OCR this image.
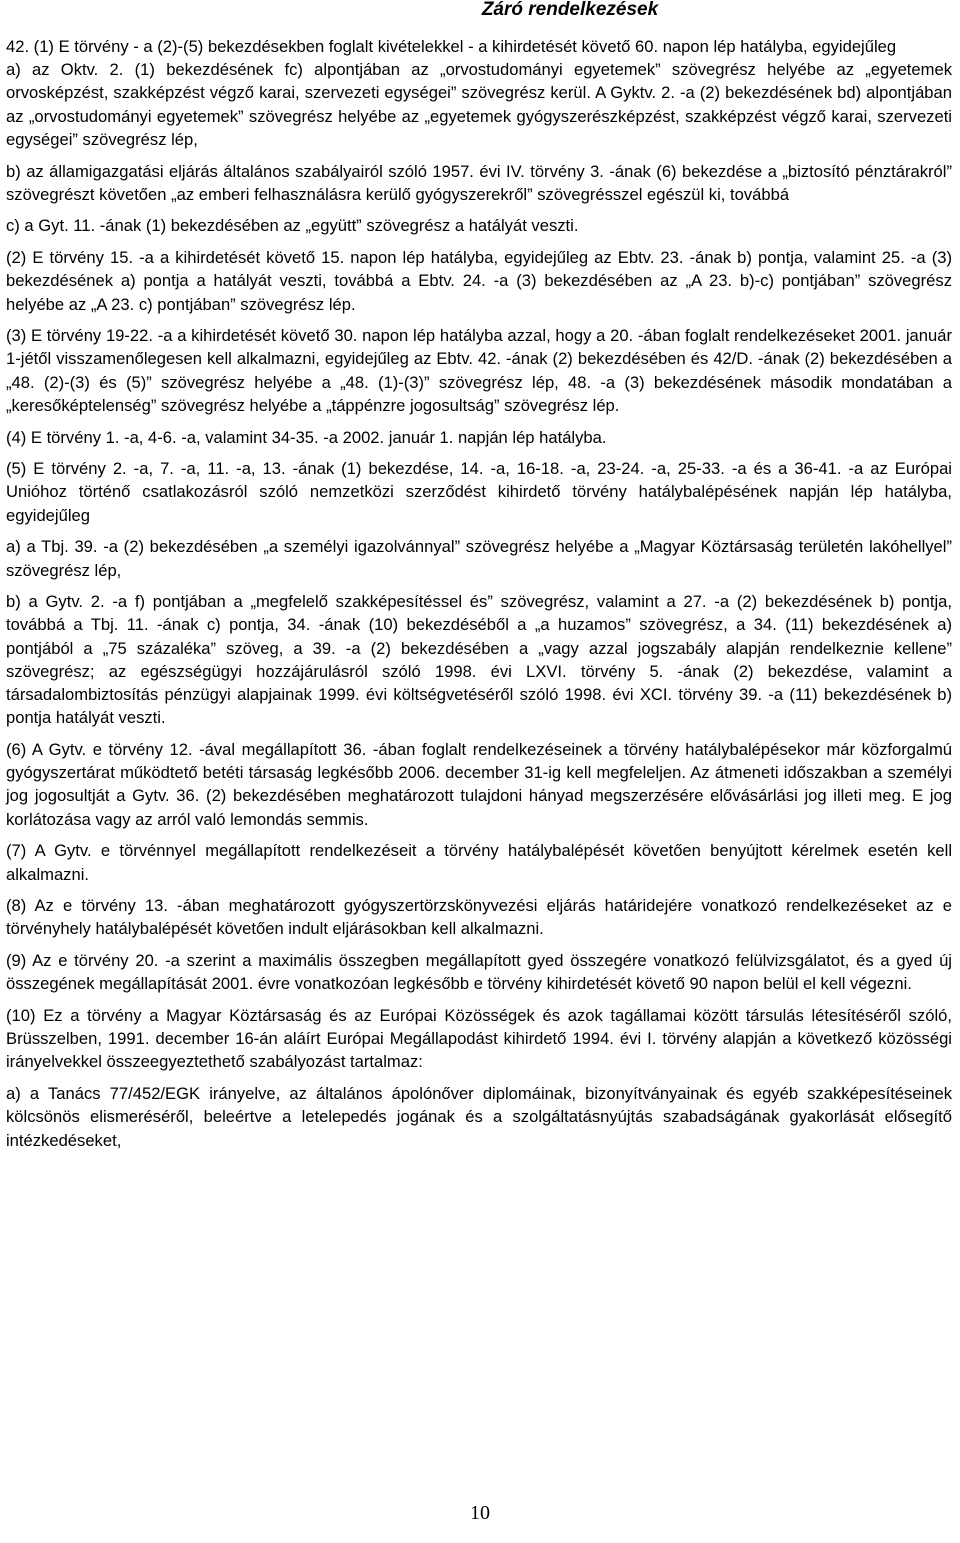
Záró rendelkezések

42. (1) E törvény - a (2)-(5) bekezdésekben foglalt kivételekkel - a kihirdetését követő 60. napon lép hatályba, egyidejűleg

a) az Oktv. 2. (1) bekezdésének fc) alpontjában az „orvostudományi egyetemek” szövegrész helyébe az „egyetemek orvosképzést, szakképzést végző karai, szervezeti egységei” szövegrész kerül. A Gyktv. 2. -a (2) bekezdésének bd) alpontjában az „orvostudományi egyetemek” szövegrész helyébe az „egyetemek gyógyszerészképzést, szakképzést végző karai, szervezeti egységei” szövegrész lép,

b) az államigazgatási eljárás általános szabályairól szóló 1957. évi IV. törvény 3. -ának (6) bekezdése a „biztosító pénztárakról” szövegrészt követően „az emberi felhasználásra kerülő gyógyszerekről” szövegrésszel egészül ki, továbbá

c) a Gyt. 11. -ának (1) bekezdésében az „együtt” szövegrész a hatályát veszti.

(2) E törvény 15. -a a kihirdetését követő 15. napon lép hatályba, egyidejűleg az Ebtv. 23. -ának b) pontja, valamint 25. -a (3) bekezdésének a) pontja a hatályát veszti, továbbá a Ebtv. 24. -a (3) bekezdésében az „A 23. b)-c) pontjában” szövegrész helyébe az „A 23. c) pontjában” szövegrész lép.

(3) E törvény 19-22. -a a kihirdetését követő 30. napon lép hatályba azzal, hogy a 20. -ában foglalt rendelkezéseket 2001. január 1-jétől visszamenőlegesen kell alkalmazni, egyidejűleg az Ebtv. 42. -ának (2) bekezdésében és 42/D. -ának (2) bekezdésében a „48. (2)-(3) és (5)” szövegrész helyébe a „48. (1)-(3)” szövegrész lép, 48. -a (3) bekezdésének második mondatában a „keresőképtelenség” szövegrész helyébe a „táppénzre jogosultság” szövegrész lép.

(4) E törvény 1. -a, 4-6. -a, valamint 34-35. -a 2002. január 1. napján lép hatályba.

(5) E törvény 2. -a, 7. -a, 11. -a, 13. -ának (1) bekezdése, 14. -a, 16-18. -a, 23-24. -a, 25-33. -a és a 36-41. -a az Európai Unióhoz történő csatlakozásról szóló nemzetközi szerződést kihirdető törvény hatálybalépésének napján lép hatályba, egyidejűleg

a) a Tbj. 39. -a (2) bekezdésében „a személyi igazolvánnyal” szövegrész helyébe a „Magyar Köztársaság területén lakóhellyel” szövegrész lép,

b) a Gytv. 2. -a f) pontjában a „megfelelő szakképesítéssel és” szövegrész, valamint a 27. -a (2) bekezdésének b) pontja, továbbá a Tbj. 11. -ának c) pontja, 34. -ának (10) bekezdéséből a „a huzamos” szövegrész, a 34. (11) bekezdésének a) pontjából a „75 százaléka” szöveg, a 39. -a (2) bekezdésében a „vagy azzal jogszabály alapján rendelkeznie kellene” szövegrész; az egészségügyi hozzájárulásról szóló 1998. évi LXVI. törvény 5. -ának (2) bekezdése, valamint a társadalombiztosítás pénzügyi alapjainak 1999. évi költségvetéséről szóló 1998. évi XCI. törvény 39. -a (11) bekezdésének b) pontja hatályát veszti.

(6) A Gytv. e törvény 12. -ával megállapított 36. -ában foglalt rendelkezéseinek a törvény hatálybalépésekor már közforgalmú gyógyszertárat működtető betéti társaság legkésőbb 2006. december 31-ig kell megfeleljen. Az átmeneti időszakban a személyi jog jogosultját a Gytv. 36. (2) bekezdésében meghatározott tulajdoni hányad megszerzésére elővásárlási jog illeti meg. E jog korlátozása vagy az arról való lemondás semmis.

(7) A Gytv. e törvénnyel megállapított rendelkezéseit a törvény hatálybalépését követően benyújtott kérelmek esetén kell alkalmazni.

(8) Az e törvény 13. -ában meghatározott gyógyszertörzskönyvezési eljárás határidejére vonatkozó rendelkezéseket az e törvényhely hatálybalépését követően indult eljárásokban kell alkalmazni.

(9) Az e törvény 20. -a szerint a maximális összegben megállapított gyed összegére vonatkozó felülvizsgálatot, és a gyed új összegének megállapítását 2001. évre vonatkozóan legkésőbb e törvény kihirdetését követő 90 napon belül el kell végezni.

(10) Ez a törvény a Magyar Köztársaság és az Európai Közösségek és azok tagállamai között társulás létesítéséről szóló, Brüsszelben, 1991. december 16-án aláírt Európai Megállapodást kihirdető 1994. évi I. törvény alapján a következő közösségi irányelvekkel összeegyeztethető szabályozást tartalmaz:

a) a Tanács 77/452/EGK irányelve, az általános ápolónőver diplomáinak, bizonyítványainak és egyéb szakképesítéseinek kölcsönös elismeréséről, beleértve a letelepedés jogának és a szolgáltatásnyújtás szabadságának gyakorlását elősegítő intézkedéseket,

10
